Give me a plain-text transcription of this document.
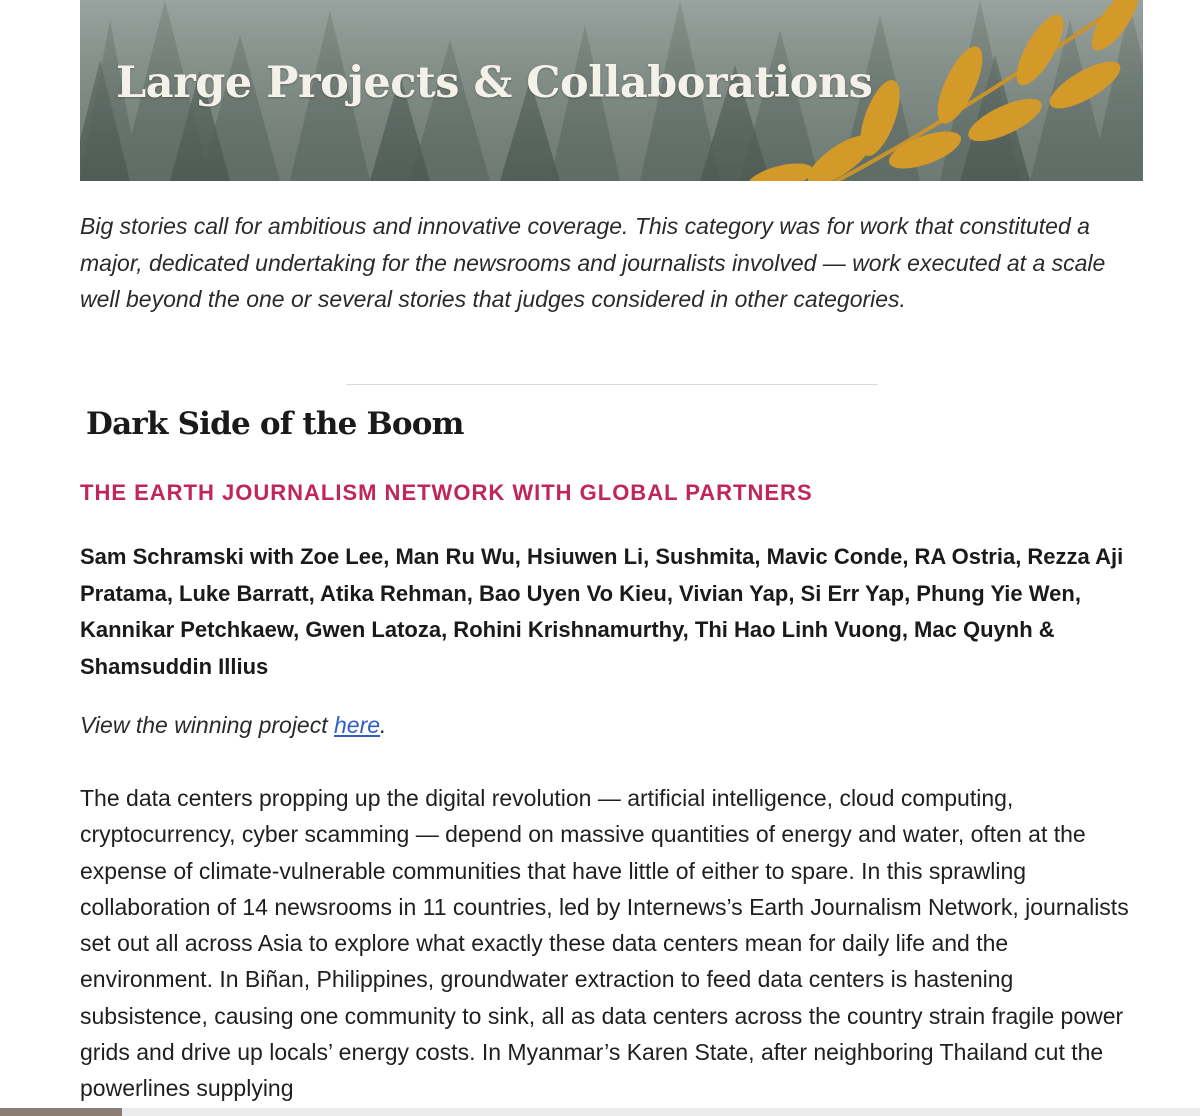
Large Projects & Collaborations
Big stories call for ambitious and innovative coverage. This category was for work that constituted a major, dedicated undertaking for the newsrooms and journalists involved — work executed at a scale well beyond the one or several stories that judges considered in other categories.
Dark Side of the Boom
THE EARTH JOURNALISM NETWORK WITH GLOBAL PARTNERS
Sam Schramski with Zoe Lee, Man Ru Wu, Hsiuwen Li, Sushmita, Mavic Conde, RA Ostria, Rezza Aji Pratama, Luke Barratt, Atika Rehman, Bao Uyen Vo Kieu, Vivian Yap, Si Err Yap, Phung Yie Wen, Kannikar Petchkaew, Gwen Latoza, Rohini Krishnamurthy, Thi Hao Linh Vuong, Mac Quynh & Shamsuddin Illius
View the winning project here.

The data centers propping up the digital revolution — artificial intelligence, cloud computing, cryptocurrency, cyber scamming — depend on massive quantities of energy and water, often at the expense of climate-vulnerable communities that have little of either to spare. In this sprawling collaboration of 14 newsrooms in 11 countries, led by Internews’s Earth Journalism Network, journalists set out all across Asia to explore what exactly these data centers mean for daily life and the environment. In Biñan, Philippines, groundwater extraction to feed data centers is hastening subsistence, causing one community to sink, all as data centers across the country strain fragile power grids and drive up locals’ energy costs. In Myanmar’s Karen State, after neighboring Thailand cut the powerlines supplying
